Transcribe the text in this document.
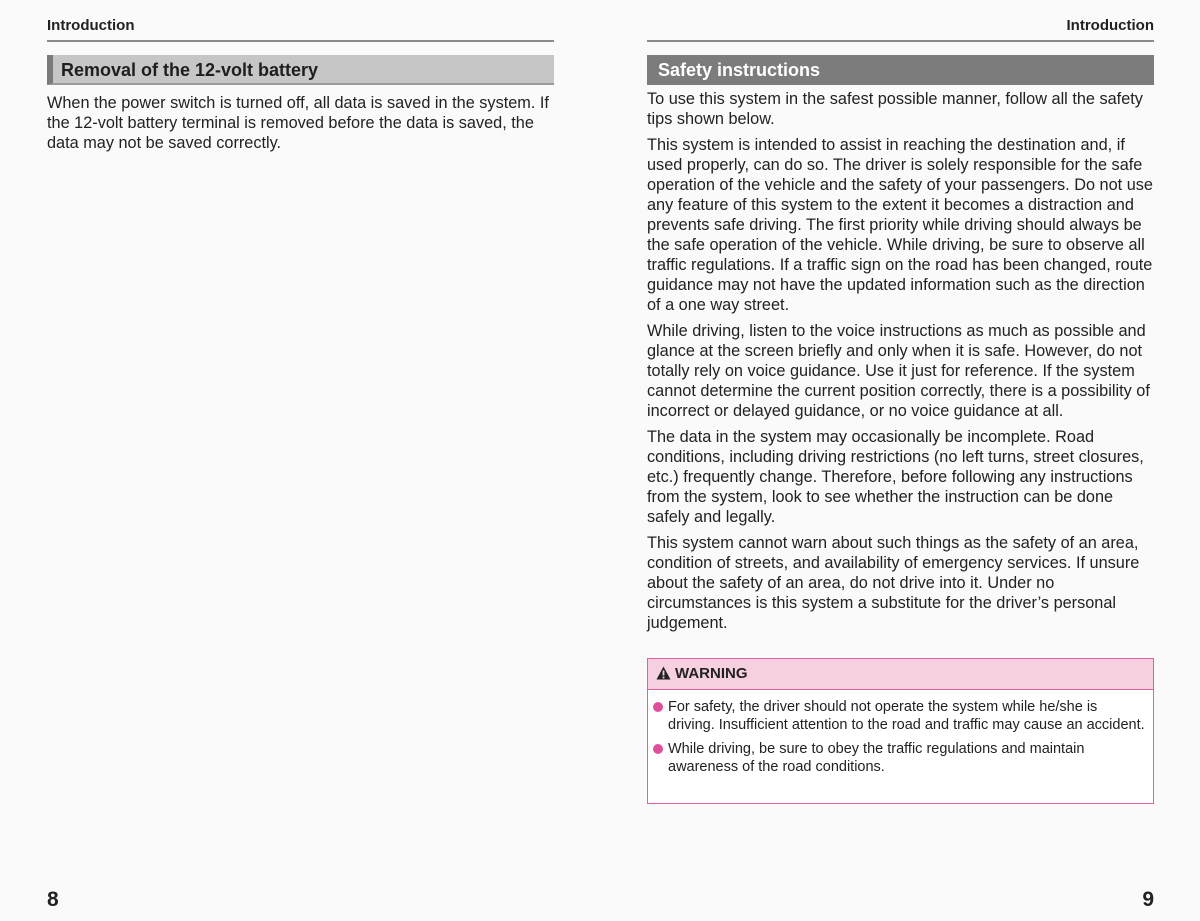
Introduction
Removal of the 12-volt battery

When the power switch is turned off, all data is saved in the system. If the 12-volt battery terminal is removed before the data is saved, the data may not be saved correctly.

8
Introduction
Safety instructions

To use this system in the safest possible manner, follow all the safety tips shown below.

This system is intended to assist in reaching the destination and, if used properly, can do so. The driver is solely responsible for the safe operation of the vehicle and the safety of your passengers. Do not use any feature of this system to the extent it becomes a distraction and prevents safe driving. The first priority while driving should always be the safe operation of the vehicle. While driving, be sure to observe all traffic regulations. If a traffic sign on the road has been changed, route guidance may not have the updated information such as the direction of a one way street.

While driving, listen to the voice instructions as much as possible and glance at the screen briefly and only when it is safe. However, do not totally rely on voice guidance. Use it just for reference. If the system cannot determine the current position correctly, there is a possibility of incorrect or delayed guidance, or no voice guidance at all.

The data in the system may occasionally be incomplete. Road conditions, including driving restrictions (no left turns, street closures, etc.) frequently change. Therefore, before following any instructions from the system, look to see whether the instruction can be done safely and legally.

This system cannot warn about such things as the safety of an area, condition of streets, and availability of emergency services. If unsure about the safety of an area, do not drive into it. Under no circumstances is this system a substitute for the driver’s personal judgement.

WARNING
For safety, the driver should not operate the system while he/she is driving. Insufficient attention to the road and traffic may cause an accident.
While driving, be sure to obey the traffic regulations and maintain awareness of the road conditions.
9
